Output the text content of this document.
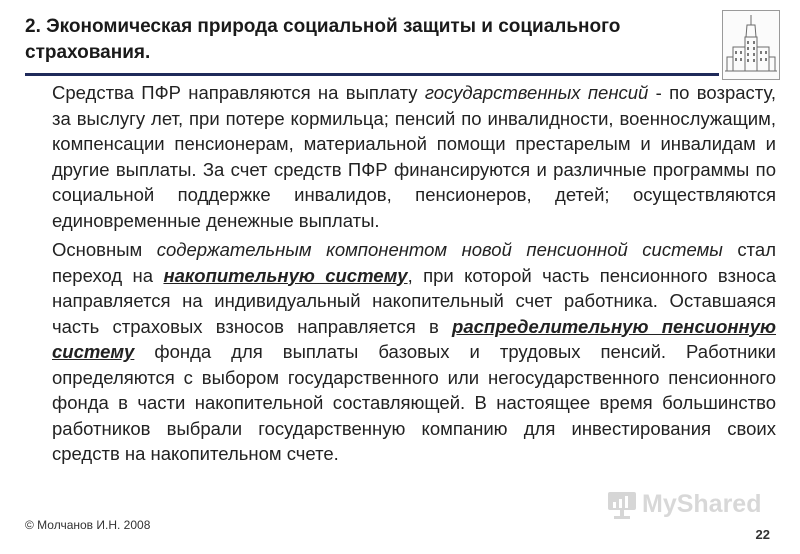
2. Экономическая природа социальной защиты и социального
страхования.

Средства ПФР направляются на выплату государственных пенсий - по возрасту, за выслугу лет, при потере кормильца; пенсий по инвалидности, военнослужащим, компенсации пенсионерам, материальной помощи престарелым и инвалидам и другие выплаты. За счет средств ПФР финансируются и различные программы по социальной поддержке инвалидов, пенсионеров, детей; осуществляются единовременные денежные выплаты.

Основным содержательным компонентом новой пенсионной системы стал переход на накопительную систему, при которой часть пенсионного взноса направляется на индивидуальный накопительный счет работника. Оставшаяся часть страховых взносов направляется в распределительную пенсионную систему фонда для выплаты базовых и трудовых пенсий. Работники определяются с выбором государственного или негосударственного пенсионного фонда в части накопительной составляющей. В настоящее время большинство работников выбрали государственную компанию для инвестирования своих средств на накопительном счете.

MyShared
© Молчанов И.Н. 2008
22
